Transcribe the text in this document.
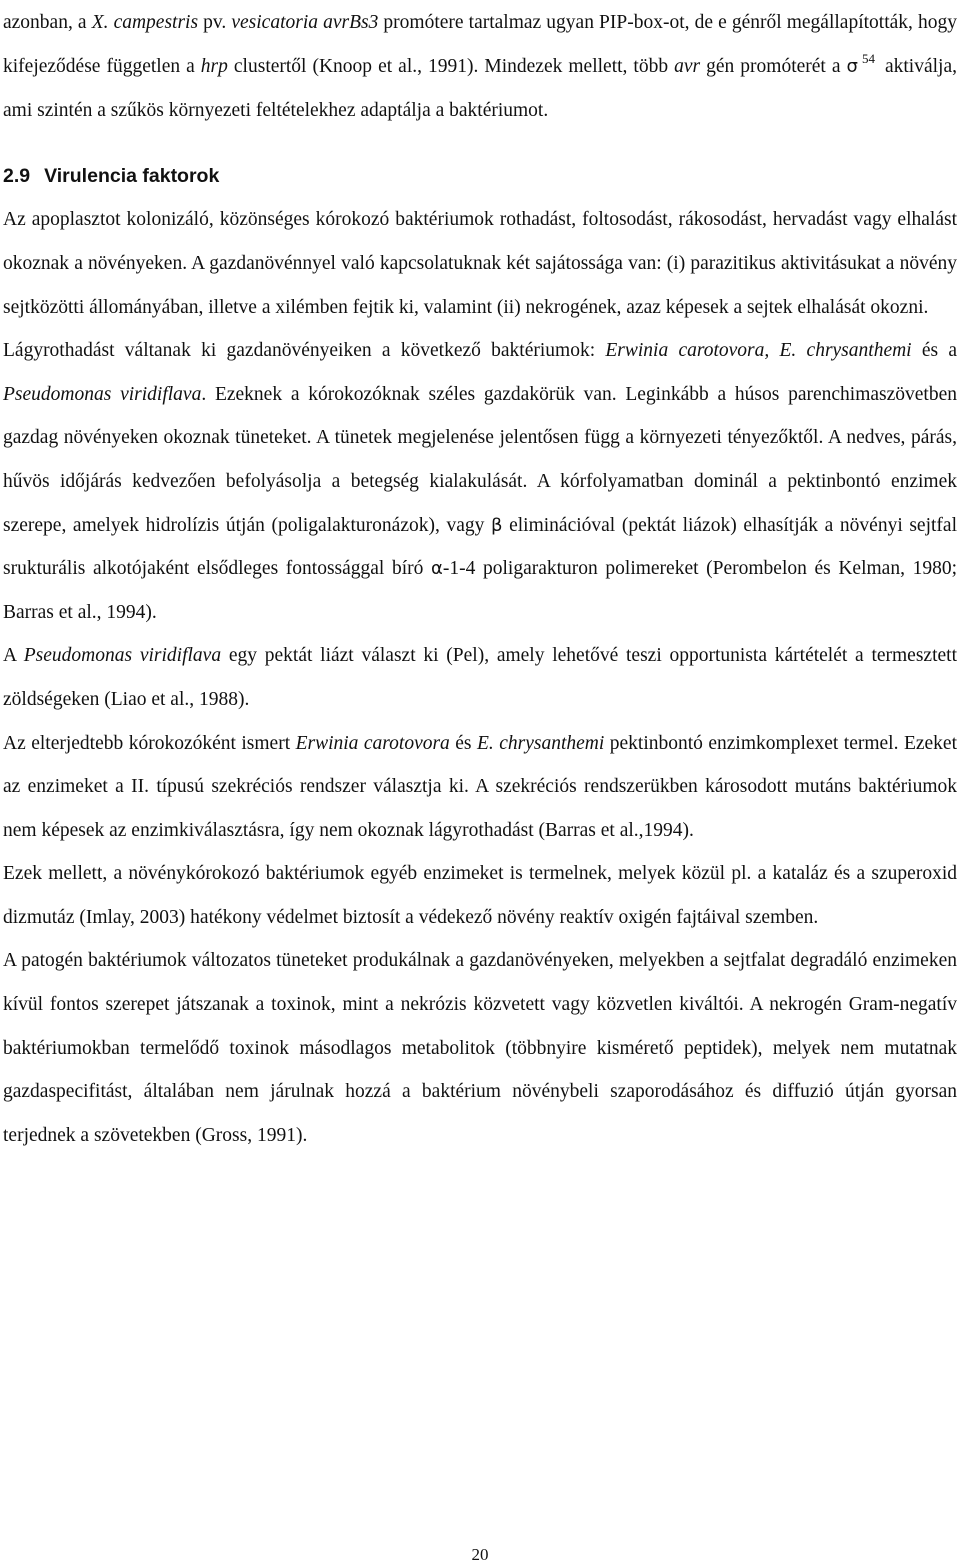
azonban, a X. campestris pv. vesicatoria avrBs3 promótere tartalmaz ugyan PIP-box-ot, de e génről megállapították, hogy kifejeződése független a hrp clustertől (Knoop et al., 1991). Mindezek mellett, több avr gén promóterét a σ $^{54}$ aktiválja, ami szintén a szűkös környezeti feltételekhez adaptálja a baktériumot.

2.9 Virulencia faktorok

Az apoplasztot kolonizáló, közönséges kórokozó baktériumok rothadást, foltosodást, rákosodást, hervadást vagy elhalást okoznak a növényeken. A gazdanövénnyel való kapcsolatuknak két sajátossága van: (i) parazitikus aktivitásukat a növény sejtközötti állományában, illetve a xilémben fejtik ki, valamint (ii) nekrogének, azaz képesek a sejtek elhalását okozni.

Lágyrothadást váltanak ki gazdanövényeiken a következő baktériumok: Erwinia carotovora, E. chrysanthemi és a Pseudomonas viridiflava. Ezeknek a kórokozóknak széles gazdakörük van. Leginkább a húsos parenchimaszövetben gazdag növényeken okoznak tüneteket. A tünetek megjelenése jelentősen függ a környezeti tényezőktől. A nedves, párás, hűvös időjárás kedvezően befolyásolja a betegség kialakulását. A kórfolyamatban dominál a pektinbontó enzimek szerepe, amelyek hidrolízis útján (poligalakturonázok), vagy β eliminációval (pektát liázok) elhasítják a növényi sejtfal srukturális alkotójaként elsődleges fontossággal bíró α-1-4 poligarakturon polimereket (Perombelon és Kelman, 1980; Barras et al., 1994).

A Pseudomonas viridiflava egy pektát liázt választ ki (Pel), amely lehetővé teszi opportunista kártételét a termesztett zöldségeken (Liao et al., 1988).

Az elterjedtebb kórokozóként ismert Erwinia carotovora és E. chrysanthemi pektinbontó enzimkomplexet termel. Ezeket az enzimeket a II. típusú szekréciós rendszer választja ki. A szekréciós rendszerükben károsodott mutáns baktériumok nem képesek az enzimkiválasztásra, így nem okoznak lágyrothadást (Barras et al.,1994).

Ezek mellett, a növénykórokozó baktériumok egyéb enzimeket is termelnek, melyek közül pl. a kataláz és a szuperoxid dizmutáz (Imlay, 2003) hatékony védelmet biztosít a védekező növény reaktív oxigén fajtáival szemben.

A patogén baktériumok változatos tüneteket produkálnak a gazdanövényeken, melyekben a sejtfalat degradáló enzimeken kívül fontos szerepet játszanak a toxinok, mint a nekrózis közvetett vagy közvetlen kiváltói. A nekrogén Gram-negatív baktériumokban termelődő toxinok másodlagos metabolitok (többnyire kismérető peptidek), melyek nem mutatnak gazdaspecifitást, általában nem járulnak hozzá a baktérium növénybeli szaporodásához és diffuzió útján gyorsan terjednek a szövetekben (Gross, 1991).

20
